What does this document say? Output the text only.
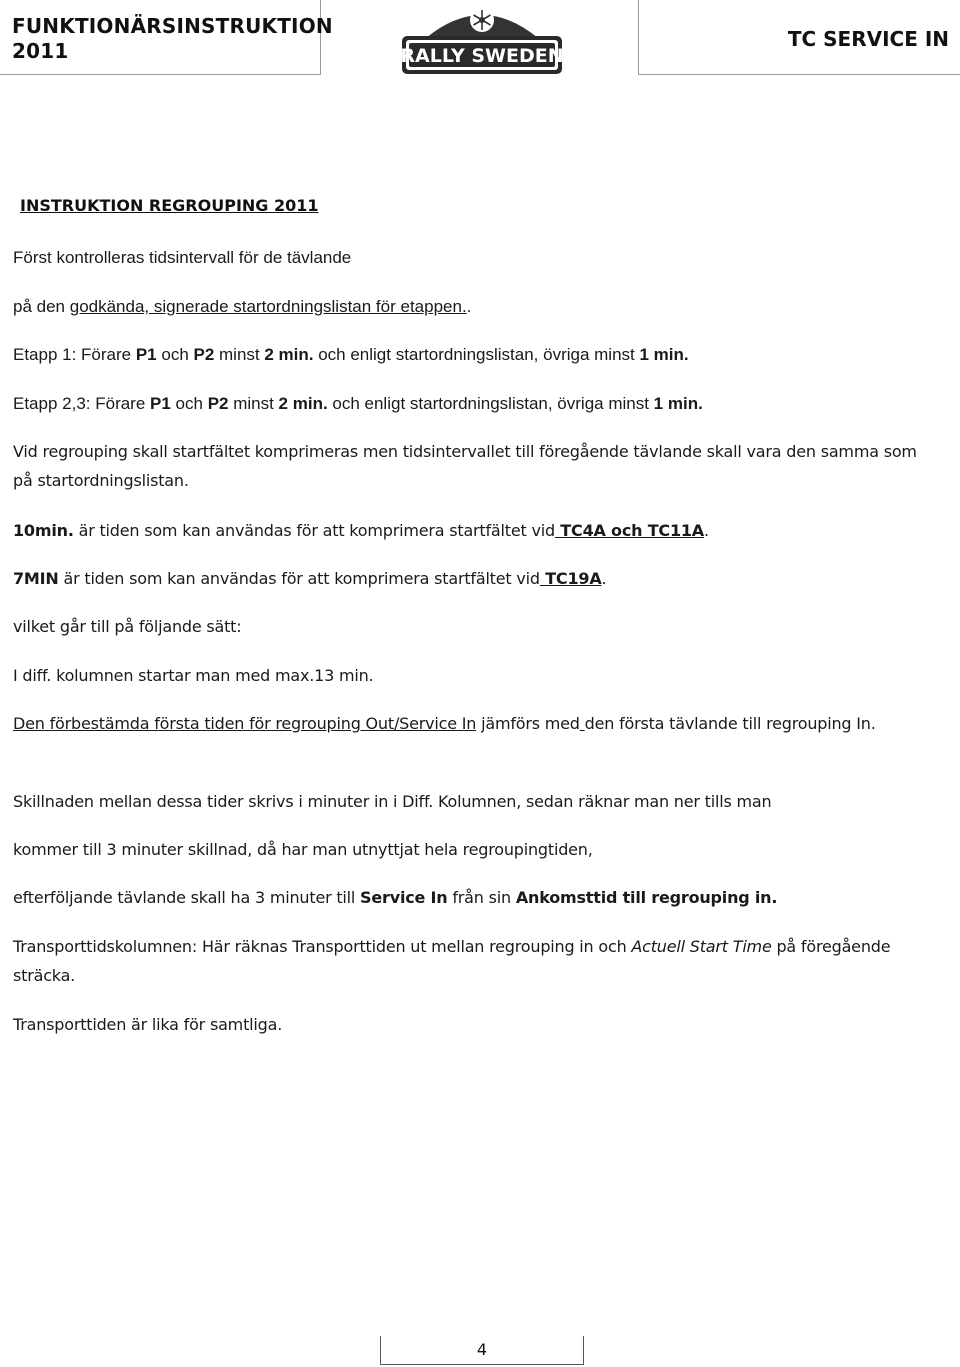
FUNKTIONÄRSINSTRUKTION
2011	RALLY SWEDEN
TC SERVICE IN
INSTRUKTION REGROUPING 2011

Först kontrolleras tidsintervall för de tävlande

på den godkända, signerade startordningslistan för etappen..

Etapp 1: Förare P1 och P2 minst 2 min. och enligt startordningslistan, övriga minst 1 min.

Etapp 2,3: Förare P1 och P2 minst 2 min. och enligt startordningslistan, övriga minst 1 min.

Vid regrouping skall startfältet komprimeras men tidsintervallet till föregående tävlande skall vara den samma som på startordningslistan.

10min. är tiden som kan användas för att komprimera startfältet vid TC4A och TC11A.

7MIN är tiden som kan användas för att komprimera startfältet vid TC19A.

vilket går till på följande sätt:

I diff. kolumnen startar man med max.13 min.

Den förbestämda första tiden för regrouping Out/Service In jämförs med den första tävlande till regrouping In.

Skillnaden mellan dessa tider skrivs i minuter in i Diff. Kolumnen, sedan räknar man ner tills man

kommer till 3 minuter skillnad, då har man utnyttjat hela regroupingtiden,

efterföljande tävlande skall ha 3 minuter till Service In från sin Ankomsttid till regrouping in.

Transporttidskolumnen: Här räknas Transporttiden ut mellan regrouping in och Actuell Start Time på föregående sträcka.

Transporttiden är lika för samtliga.

4
